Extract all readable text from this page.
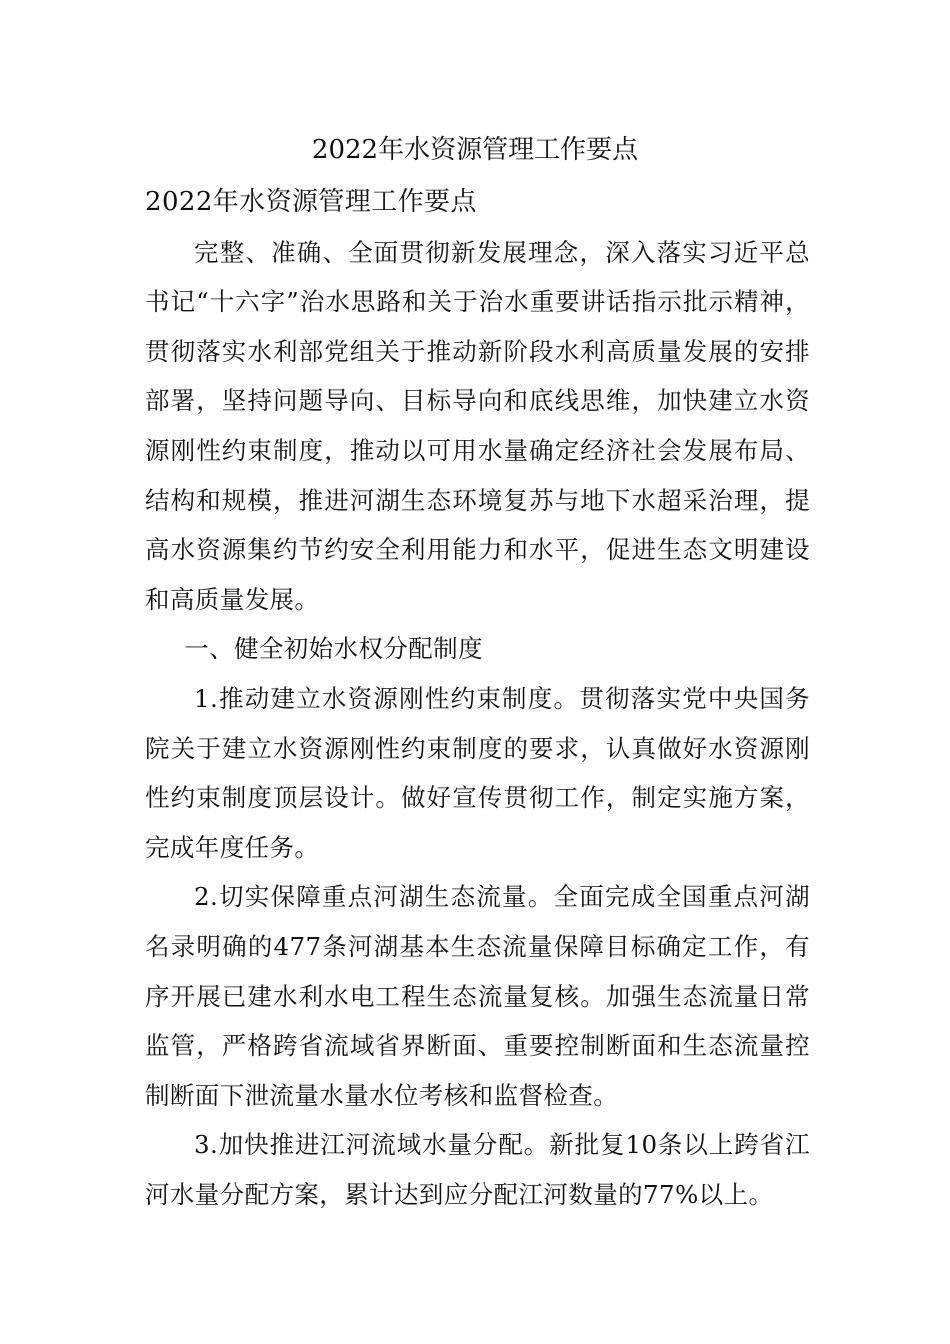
2022年水资源管理工作要点
2022年水资源管理工作要点

完整、准确、全面贯彻新发展理念，深入落实习近平总书记“十六字”治水思路和关于治水重要讲话指示批示精神，贯彻落实水利部党组关于推动新阶段水利高质量发展的安排部署，坚持问题导向、目标导向和底线思维，加快建立水资源刚性约束制度，推动以可用水量确定经济社会发展布局、结构和规模，推进河湖生态环境复苏与地下水超采治理，提高水资源集约节约安全利用能力和水平，促进生态文明建设和高质量发展。

一、健全初始水权分配制度

1.推动建立水资源刚性约束制度。贯彻落实党中央国务院关于建立水资源刚性约束制度的要求，认真做好水资源刚性约束制度顶层设计。做好宣传贯彻工作，制定实施方案，完成年度任务。

2.切实保障重点河湖生态流量。全面完成全国重点河湖名录明确的477条河湖基本生态流量保障目标确定工作，有序开展已建水利水电工程生态流量复核。加强生态流量日常监管，严格跨省流域省界断面、重要控制断面和生态流量控制断面下泄流量水量水位考核和监督检查。

3.加快推进江河流域水量分配。新批复10条以上跨省江河水量分配方案，累计达到应分配江河数量的77%以上。
